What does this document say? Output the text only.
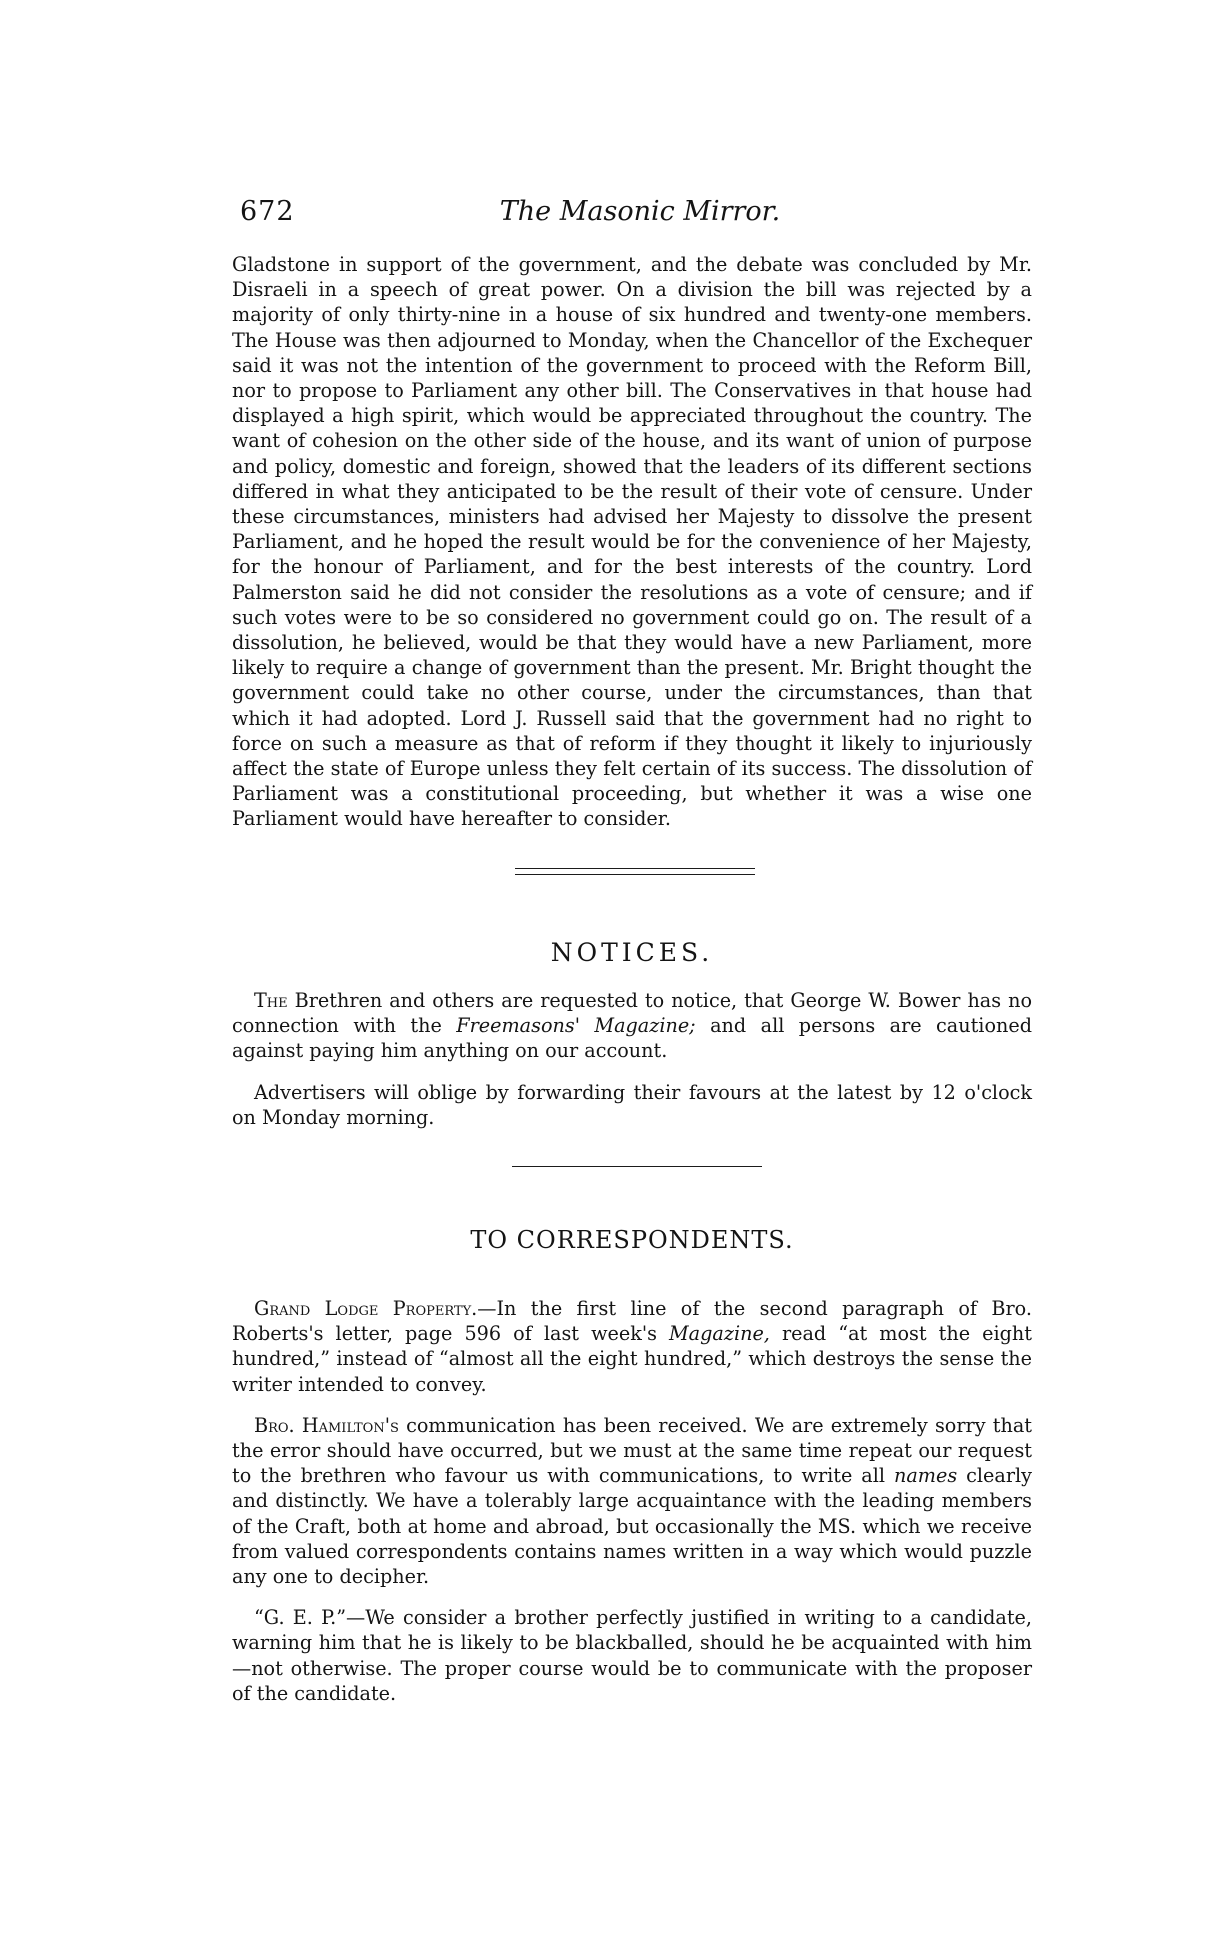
672	The Masonic Mirror.

Gladstone in support of the government, and the debate was concluded by Mr. Disraeli in a speech of great power. On a division the bill was rejected by a majority of only thirty-nine in a house of six hundred and twenty-one members. The House was then adjourned to Monday, when the Chancellor of the Exchequer said it was not the intention of the government to proceed with the Reform Bill, nor to propose to Parliament any other bill. The Conservatives in that house had displayed a high spirit, which would be appreciated throughout the country. The want of cohesion on the other side of the house, and its want of union of purpose and policy, domestic and foreign, showed that the leaders of its different sections differed in what they anticipated to be the result of their vote of censure. Under these circumstances, ministers had advised her Majesty to dissolve the present Parliament, and he hoped the result would be for the convenience of her Majesty, for the honour of Parliament, and for the best interests of the country. Lord Palmerston said he did not consider the resolutions as a vote of censure; and if such votes were to be so considered no government could go on. The result of a dissolution, he believed, would be that they would have a new Parliament, more likely to require a change of government than the present. Mr. Bright thought the government could take no other course, under the circumstances, than that which it had adopted. Lord J. Russell said that the government had no right to force on such a measure as that of reform if they thought it likely to injuriously affect the state of Europe unless they felt certain of its success. The dissolution of Parliament was a constitutional proceeding, but whether it was a wise one Parliament would have hereafter to consider.

NOTICES.

The Brethren and others are requested to notice, that George W. Bower has no connection with the Freemasons' Magazine; and all persons are cautioned against paying him anything on our account.

Advertisers will oblige by forwarding their favours at the latest by 12 o'clock on Monday morning.

TO CORRESPONDENTS.

Grand Lodge Property.—In the first line of the second paragraph of Bro. Roberts's letter, page 596 of last week's Magazine, read “at most the eight hundred,” instead of “almost all the eight hundred,” which destroys the sense the writer intended to convey.

Bro. Hamilton's communication has been received. We are extremely sorry that the error should have occurred, but we must at the same time repeat our request to the brethren who favour us with communications, to write all names clearly and distinctly. We have a tolerably large acquaintance with the leading members of the Craft, both at home and abroad, but occasionally the MS. which we receive from valued correspondents contains names written in a way which would puzzle any one to decipher.

“G. E. P.”—We consider a brother perfectly justified in writing to a candidate, warning him that he is likely to be blackballed, should he be acquainted with him—not otherwise. The proper course would be to communicate with the proposer of the candidate.
